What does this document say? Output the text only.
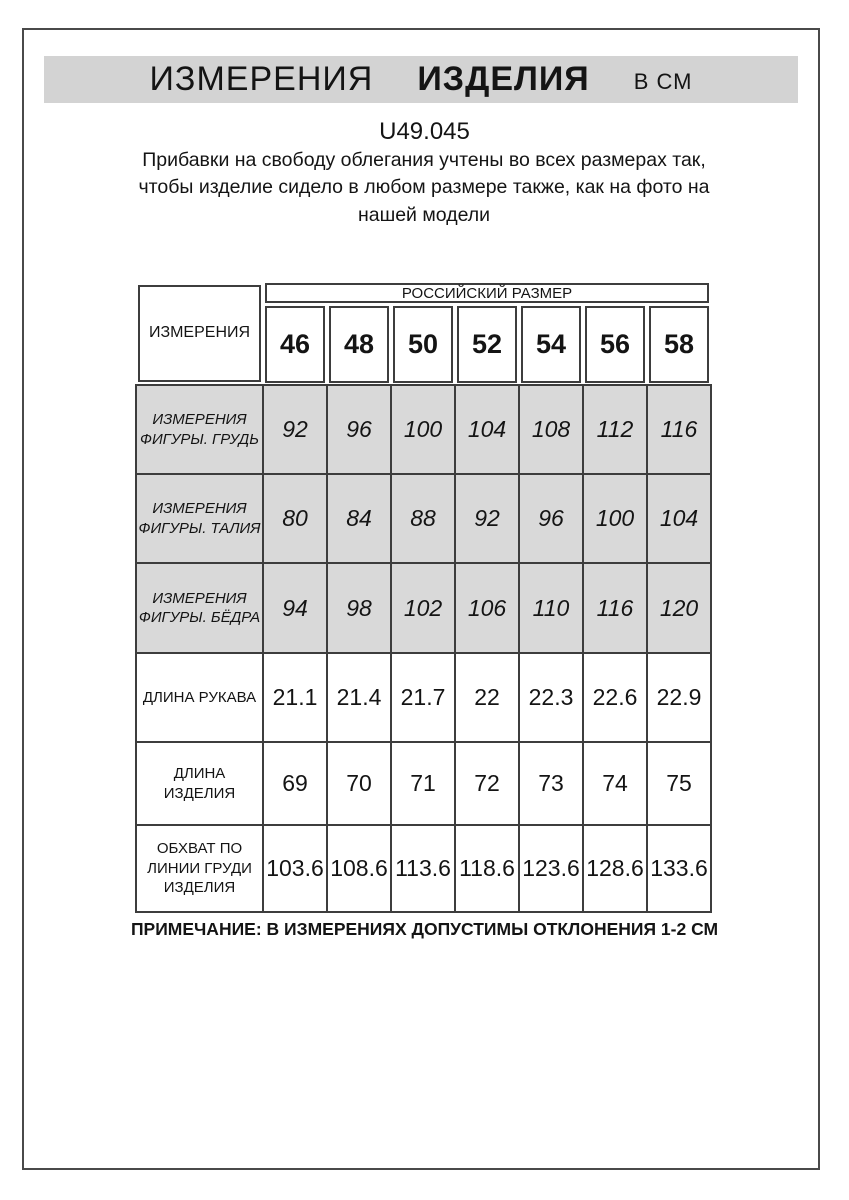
ИЗМЕРЕНИЯ ИЗДЕЛИЯ В СМ
U49.045
Прибавки на свободу облегания учтены во всех размерах так, чтобы изделие сидело в любом размере также, как на фото на нашей модели
ИЗМЕРЕНИЯ	РОССИЙСКИЙ РАЗМЕР						

46	48	50	52	54	56	58

ИЗМЕРЕНИЯ ФИГУРЫ. ГРУДЬ	92	96	100	104	108	112	116
ИЗМЕРЕНИЯ ФИГУРЫ. ТАЛИЯ	80	84	88	92	96	100	104
ИЗМЕРЕНИЯ ФИГУРЫ. БЁДРА	94	98	102	106	110	116	120
ДЛИНА РУКАВА	21.1	21.4	21.7	22	22.3	22.6	22.9
ДЛИНА ИЗДЕЛИЯ	69	70	71	72	73	74	75
ОБХВАТ ПО ЛИНИИ ГРУДИ ИЗДЕЛИЯ	103.6	108.6	113.6	118.6	123.6	128.6	133.6
ПРИМЕЧАНИЕ: В ИЗМЕРЕНИЯХ ДОПУСТИМЫ ОТКЛОНЕНИЯ 1-2 СМ
